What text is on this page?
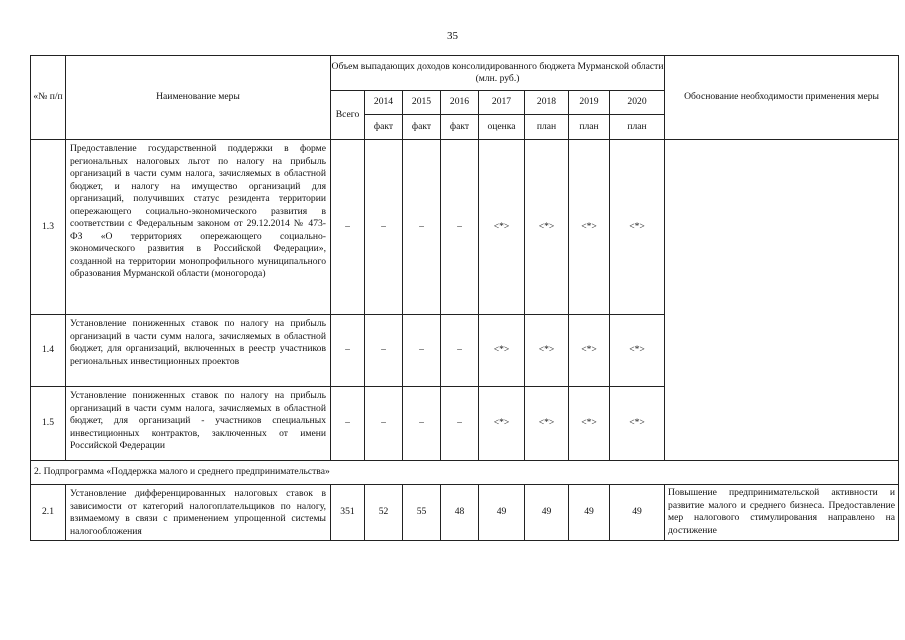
35
«№ п/п	Наименование меры	Объем выпадающих доходов консолидированного бюджета Мурманской области (млн. руб.)								Обоснование необходимости применения меры
		Всего	2014	2015	2016	2017	2018	2019	2020	
			факт	факт	факт	оценка	план	план	план	
1.3	Предоставление государственной поддержки в форме региональных налоговых льгот по налогу на прибыль организаций в части сумм налога, зачисляемых в областной бюджет, и налогу на имущество организаций для организаций, получивших статус резидента территории опережающего социально-экономического развития в соответствии с Федеральным законом от 29.12.2014 № 473-ФЗ «О территориях опережающего социально-экономического развития в Российской Федерации», созданной на территории монопрофильного муниципального образования Мурманской области (моногорода)	–	–	–	–	<*>	<*>	<*>	<*>	
1.4	Установление пониженных ставок по налогу на прибыль организаций в части сумм налога, зачисляемых в областной бюджет, для организаций, включенных в реестр участников региональных инвестиционных проектов	–	–	–	–	<*>	<*>	<*>	<*>	
1.5	Установление пониженных ставок по налогу на прибыль организаций в части сумм налога, зачисляемых в областной бюджет, для организаций - участников специальных инвестиционных контрактов, заключенных от имени Российской Федерации	–	–	–	–	<*>	<*>	<*>	<*>	
2. Подпрограмма «Поддержка малого и среднего предпринимательства»										
2.1	Установление дифференцированных налоговых ставок в зависимости от категорий налогоплательщиков по налогу, взимаемому в связи с применением упрощенной системы налогообложения	351	52	55	48	49	49	49	49	Повышение предпринимательской активности и развитие малого и среднего бизнеса. Предоставление мер налогового стимулирования направлено на достижение
